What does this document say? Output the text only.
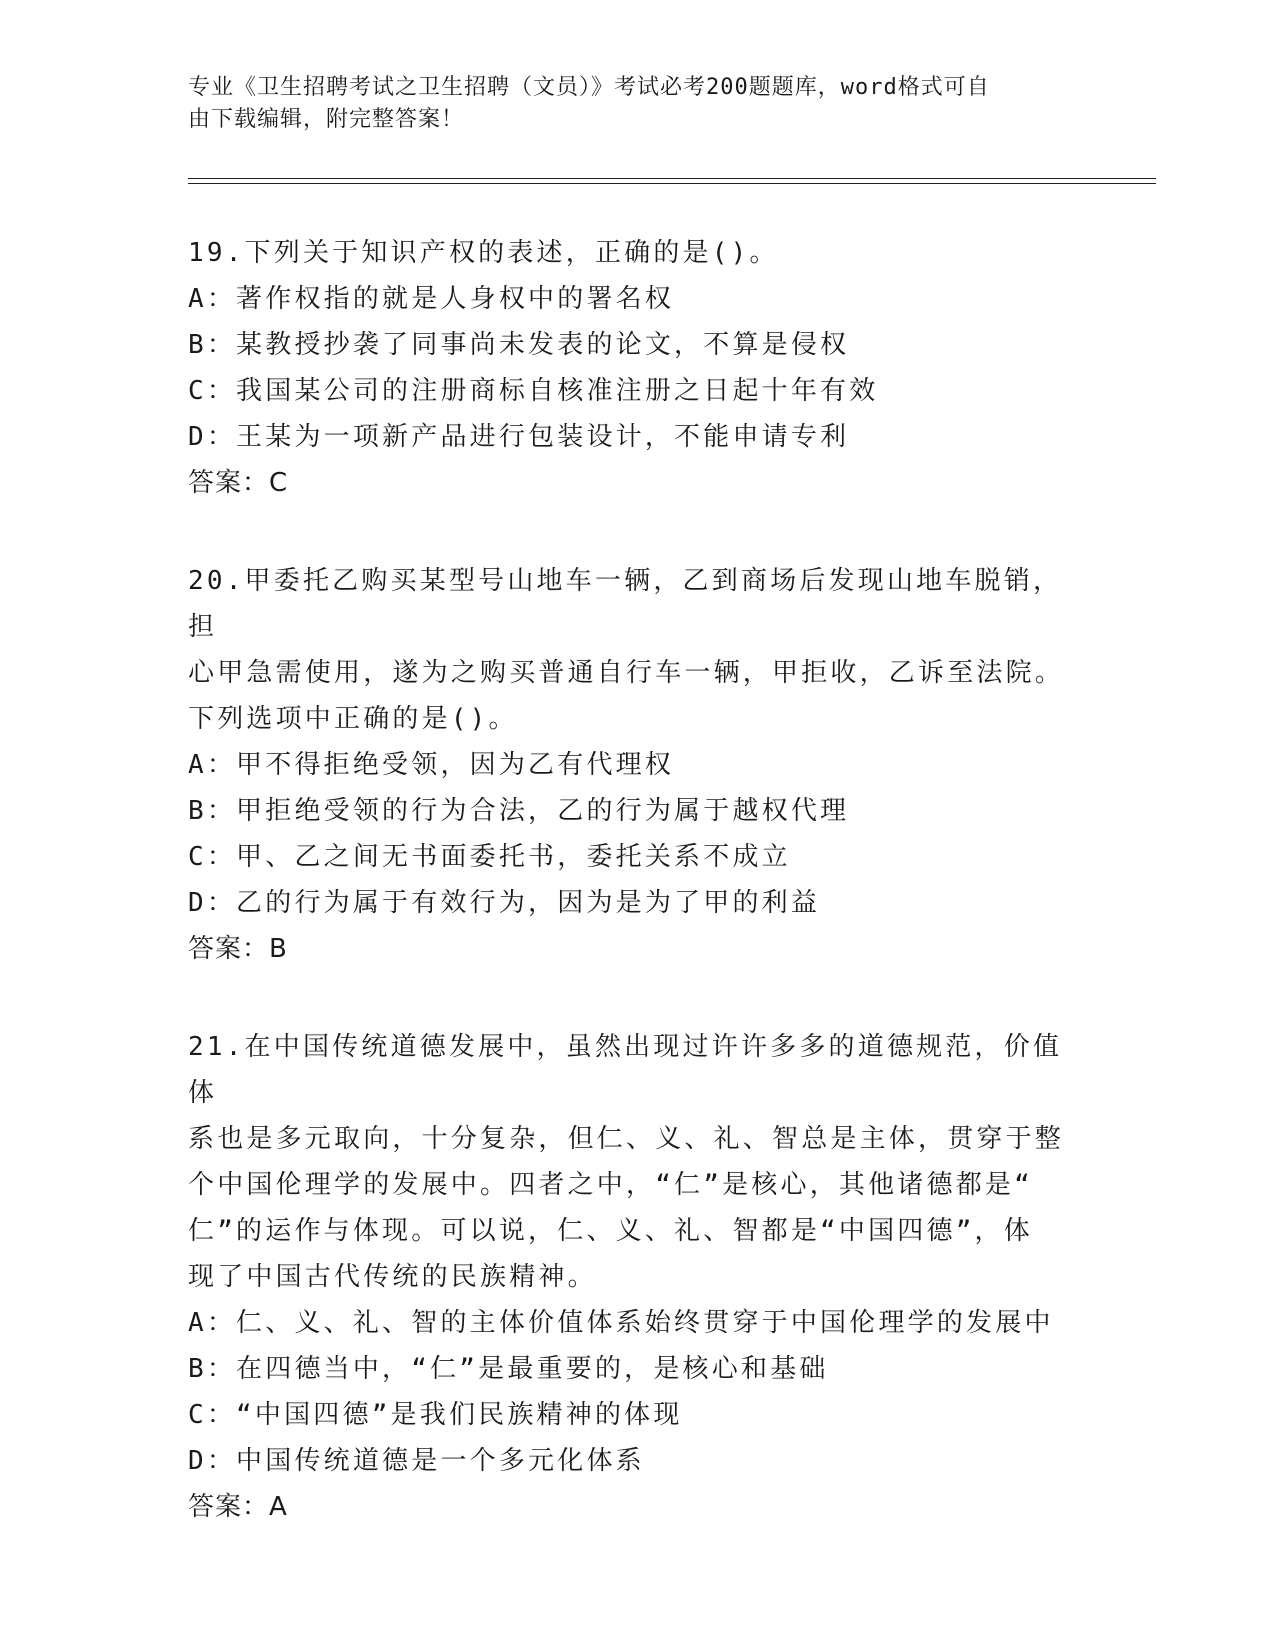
专业《卫生招聘考试之卫生招聘（文员）》考试必考200题题库，word格式可自
由下载编辑，附完整答案！

19.下列关于知识产权的表述，正确的是()。

A：著作权指的就是人身权中的署名权

B：某教授抄袭了同事尚未发表的论文，不算是侵权

C：我国某公司的注册商标自核准注册之日起十年有效

D：王某为一项新产品进行包装设计，不能申请专利

答案：C

20.甲委托乙购买某型号山地车一辆，乙到商场后发现山地车脱销，担

心甲急需使用，遂为之购买普通自行车一辆，甲拒收，乙诉至法院。

下列选项中正确的是()。

A：甲不得拒绝受领，因为乙有代理权

B：甲拒绝受领的行为合法，乙的行为属于越权代理

C：甲、乙之间无书面委托书，委托关系不成立

D：乙的行为属于有效行为，因为是为了甲的利益

答案：B

21.在中国传统道德发展中，虽然出现过许许多多的道德规范，价值体

系也是多元取向，十分复杂，但仁、义、礼、智总是主体，贯穿于整

个中国伦理学的发展中。四者之中，“仁”是核心，其他诸德都是“

仁”的运作与体现。可以说，仁、义、礼、智都是“中国四德”，体

现了中国古代传统的民族精神。

A：仁、义、礼、智的主体价值体系始终贯穿于中国伦理学的发展中

B：在四德当中，“仁”是最重要的，是核心和基础

C：“中国四德”是我们民族精神的体现

D：中国传统道德是一个多元化体系

答案：A
